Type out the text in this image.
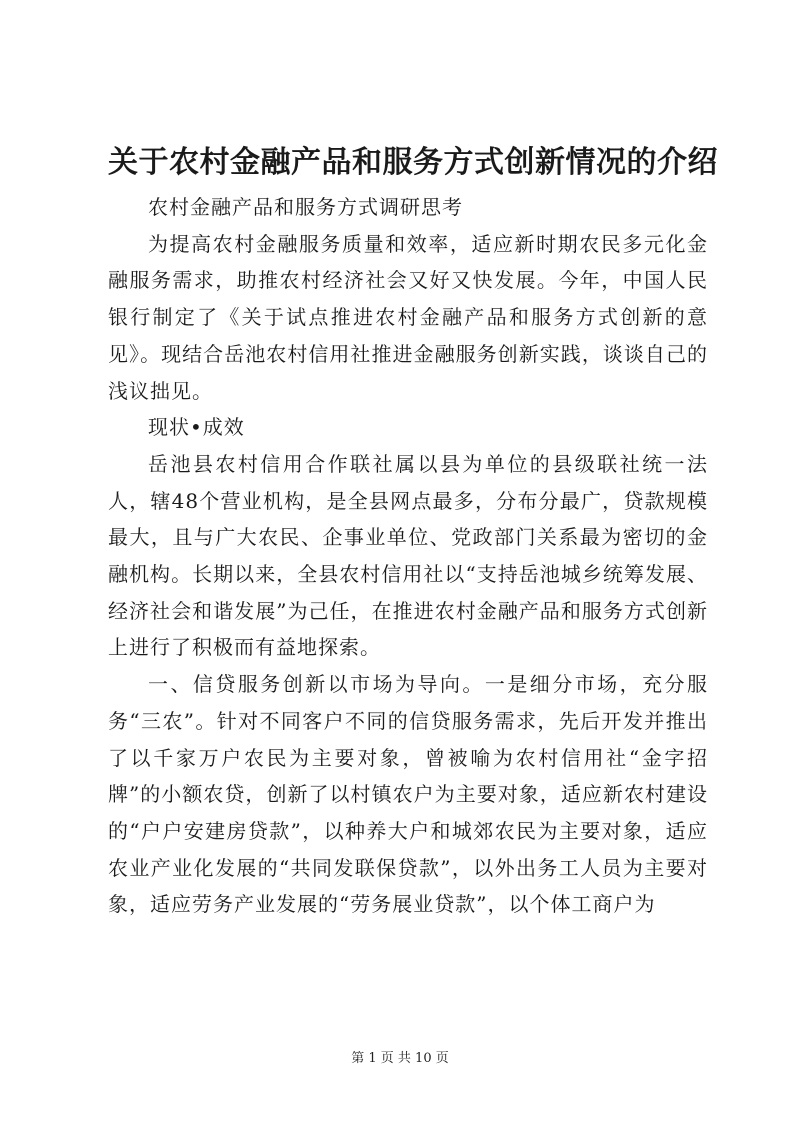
关于农村金融产品和服务方式创新情况的介绍

农村金融产品和服务方式调研思考

为提高农村金融服务质量和效率，适应新时期农民多元化金融服务需求，助推农村经济社会又好又快发展。今年，中国人民银行制定了《关于试点推进农村金融产品和服务方式创新的意见》。现结合岳池农村信用社推进金融服务创新实践，谈谈自己的浅议拙见。

现状•成效

岳池县农村信用合作联社属以县为单位的县级联社统一法人，辖48个营业机构，是全县网点最多，分布分最广，贷款规模最大，且与广大农民、企事业单位、党政部门关系最为密切的金融机构。长期以来，全县农村信用社以“支持岳池城乡统筹发展、经济社会和谐发展”为己任，在推进农村金融产品和服务方式创新上进行了积极而有益地探索。

一、信贷服务创新以市场为导向。一是细分市场，充分服务“三农”。针对不同客户不同的信贷服务需求，先后开发并推出了以千家万户农民为主要对象，曾被喻为农村信用社“金字招牌”的小额农贷，创新了以村镇农户为主要对象，适应新农村建设的“户户安建房贷款”，以种养大户和城郊农民为主要对象，适应农业产业化发展的“共同发联保贷款”，以外出务工人员为主要对象，适应劳务产业发展的“劳务展业贷款”，以个体工商户为

第 1 页 共 10 页
